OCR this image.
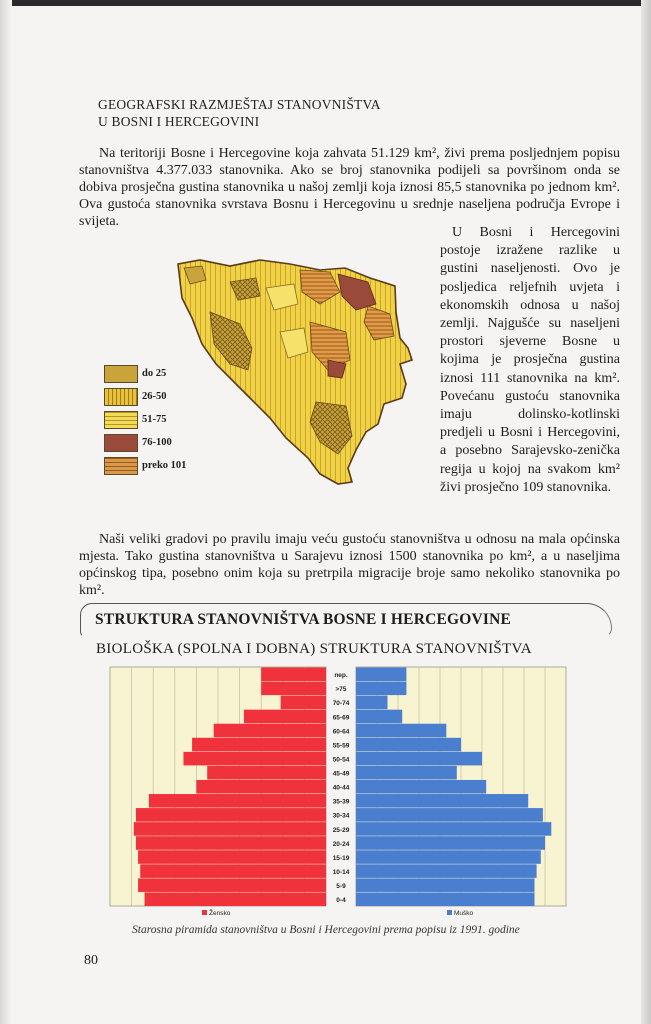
GEOGRAFSKI RAZMJEŠTAJ STANOVNIŠTVA
U BOSNI I HERCEGOVINI

Na teritoriji Bosne i Hercegovine koja zahvata 51.129 km², živi prema posljednjem popisu stanovništva 4.377.033 stanovnika. Ako se broj stanovnika podijeli sa površinom onda se dobiva prosječna gustina stanovnika u našoj zemlji koja iznosi 85,5 stanovnika po jednom km². Ova gustoća stanovnika svrstava Bosnu i Hercegovinu u srednje naseljena područja Evrope i svijeta.

do 25
26-50
51-75
76-100
preko 101

U Bosni i Hercegovini postoje izražene razlike u gustini naseljenosti. Ovo je posljedica reljefnih uvjeta i ekonomskih odnosa u našoj zemlji. Najgušće su naseljeni prostori sjeverne Bosne u kojima je prosječna gustina iznosi 111 stanovnika na km². Povećanu gustoću stanovnika imaju dolinsko-kotlinski predjeli u Bosni i Hercegovini, a posebno Sarajevsko-zenička regija u kojoj na svakom km² živi prosječno 109 stanovnika.

Naši veliki gradovi po pravilu imaju veću gustoću stanovništva u odnosu na mala općinska mjesta. Tako gustina stanovništva u Sarajevu iznosi 1500 stanovnika po km², a u naseljima općinskog tipa, posebno onim koja su pretrpila migracije broje samo nekoliko stanovnika po km².

STRUKTURA STANOVNIŠTVA BOSNE I HERCEGOVINE
BIOLOŠKA (SPOLNA I DOBNA) STRUKTURA STANOVNIŠTVA
nep.
>75
70-74
65-69
60-64
55-59
50-54
45-49
40-44
35-39
30-34
25-29
20-24
15-19
10-14
5-9
0-4
Žensko	Muško
Starosna piramida stanovništva u Bosni i Hercegovini prema popisu iz 1991. godine
80
